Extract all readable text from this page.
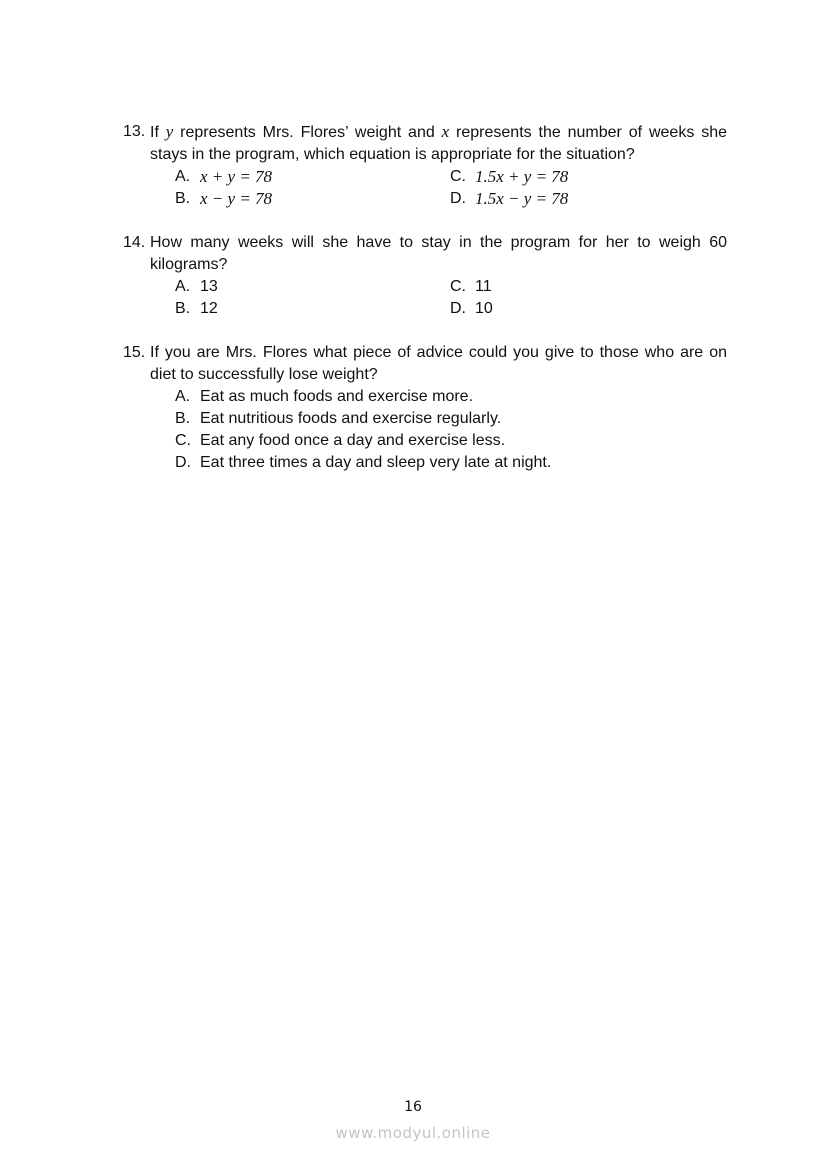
13. If y represents Mrs. Flores’ weight and x represents the number of weeks she stays in the program, which equation is appropriate for the situation?
A. x + y = 78	C. 1.5x + y = 78
B. x − y = 78	D. 1.5x − y = 78
14. How many weeks will she have to stay in the program for her to weigh 60 kilograms?
A. 13	C. 11
B. 12	D. 10
15. If you are Mrs. Flores what piece of advice could you give to those who are on diet to successfully lose weight?
A. Eat as much foods and exercise more.
B. Eat nutritious foods and exercise regularly.
C. Eat any food once a day and exercise less.
D. Eat three times a day and sleep very late at night.
16
www.modyul.online
